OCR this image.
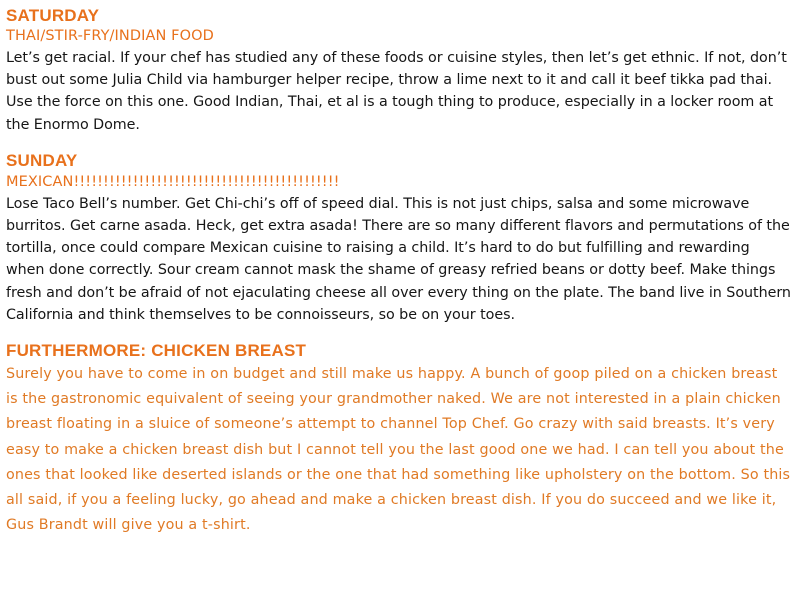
SATURDAY
THAI/STIR-FRY/INDIAN FOOD

Let’s get racial. If your chef has studied any of these foods or cuisine styles, then let’s get ethnic. If not, don’t bust out some Julia Child via hamburger helper recipe, throw a lime next to it and call it beef tikka pad thai. Use the force on this one. Good Indian, Thai, et al is a tough thing to produce, especially in a locker room at the Enormo Dome.

SUNDAY
MEXICAN!!!!!!!!!!!!!!!!!!!!!!!!!!!!!!!!!!!!!!!!!!!!!

Lose Taco Bell’s number. Get Chi-chi’s off of speed dial. This is not just chips, salsa and some microwave burritos. Get carne asada. Heck, get extra asada! There are so many different flavors and permutations of the tortilla, once could compare Mexican cuisine to raising a child. It’s hard to do but fulfilling and rewarding when done correctly. Sour cream cannot mask the shame of greasy refried beans or dotty beef. Make things fresh and don’t be afraid of not ejaculating cheese all over every thing on the plate. The band live in Southern California and think themselves to be connoisseurs, so be on your toes.

FURTHERMORE: CHICKEN BREAST

Surely you have to come in on budget and still make us happy. A bunch of goop piled on a chicken breast is the gastronomic equivalent of seeing your grandmother naked. We are not interested in a plain chicken breast floating in a sluice of someone’s attempt to channel Top Chef. Go crazy with said breasts. It’s very easy to make a chicken breast dish but I cannot tell you the last good one we had. I can tell you about the ones that looked like deserted islands or the one that had something like upholstery on the bottom. So this all said, if you a feeling lucky, go ahead and make a chicken breast dish. If you do succeed and we like it, Gus Brandt will give you a t-shirt.
